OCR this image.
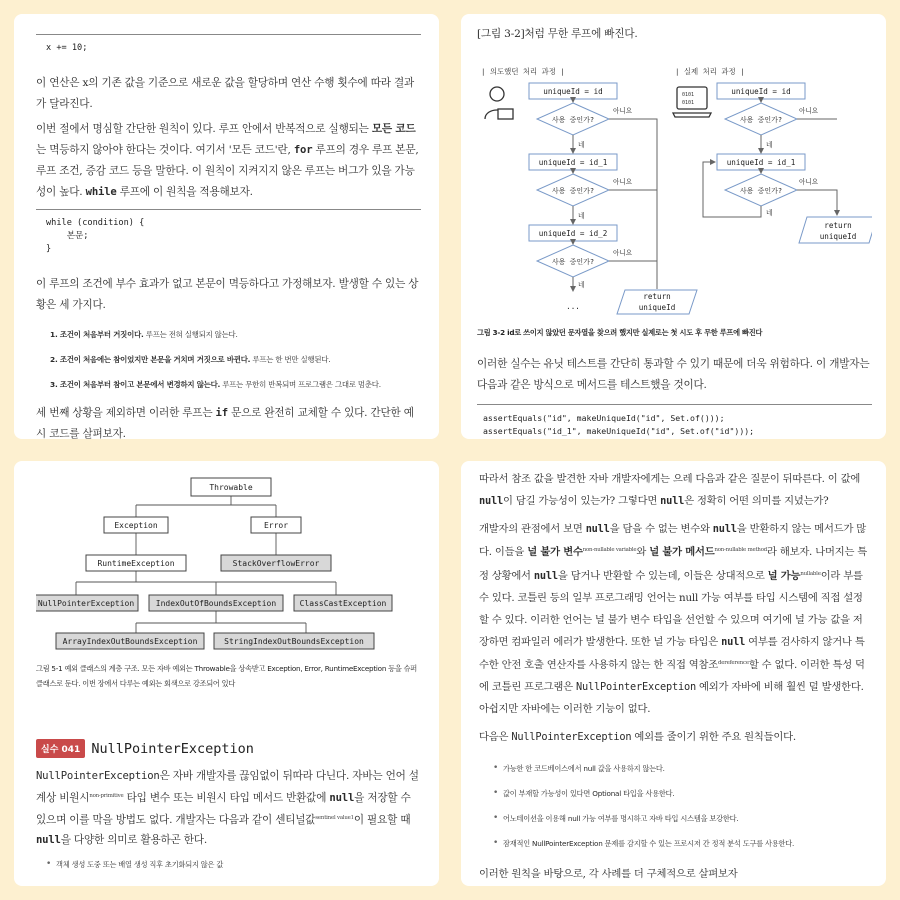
x += 10;

이 연산은 x의 기존 값을 기준으로 새로운 값을 할당하며 연산 수행 횟수에 따라 결과가 달라진다.

이번 절에서 명심할 간단한 원칙이 있다. 루프 안에서 반복적으로 실행되는 모든 코드는 멱등하지 않아야 한다는 것이다. 여기서 '모든 코드'란, for 루프의 경우 루프 본문, 루프 조건, 증감 코드 등을 말한다. 이 원칙이 지켜지지 않은 루프는 버그가 있을 가능성이 높다. while 루프에 이 원칙을 적용해보자.

while (condition) {
본문;
}

이 루프의 조건에 부수 효과가 없고 본문이 멱등하다고 가정해보자. 발생할 수 있는 상황은 세 가지다.

1. 조건이 처음부터 거짓이다. 루프는 전혀 실행되지 않는다.
2. 조건이 처음에는 참이었지만 본문을 거치며 거짓으로 바뀐다. 루프는 한 번만 실행된다.
3. 조건이 처음부터 참이고 본문에서 변경하지 않는다. 루프는 무한히 반복되며 프로그램은 그대로 멈춘다.

세 번째 상황을 제외하면 이러한 루프는 if 문으로 완전히 교체할 수 있다. 간단한 예시 코드를 살펴보자.

[그림 3-2]처럼 무한 루프에 빠진다.

| 의도했던 처리 과정 |	| 실제 처리 과정 |
0101
0101
uniqueId = id
uniqueId = id_1
uniqueId = id_2
사용 중인가?
사용 중인가?
사용 중인가?
return
uniqueId
...
네
네
네
아니요
아니요
아니요
uniqueId = id
uniqueId = id_1
사용 중인가?
사용 중인가?
return
uniqueId
네
네
아니요
아니요

그림 3-2 id로 쓰이지 않았던 문자열을 찾으려 했지만 실제로는 첫 시도 후 무한 루프에 빠진다

이러한 실수는 유닛 테스트를 간단히 통과할 수 있기 때문에 더욱 위험하다. 이 개발자는 다음과 같은 방식으로 메서드를 테스트했을 것이다.

assertEquals("id", makeUniqueId("id", Set.of()));
assertEquals("id_1", makeUniqueId("id", Set.of("id")));
Throwable
Exception	Error
RuntimeException	StackOverflowError
NullPointerException	IndexOutOfBoundsException	ClassCastException
ArrayIndexOutBoundsException	StringIndexOutBoundsException

그림 5-1 예외 클래스의 계층 구조. 모든 자바 예외는 Throwable을 상속받고 Exception, Error, RuntimeException 등을 슈퍼클래스로 둔다. 이번 장에서 다루는 예외는 회색으로 강조되어 있다

실수 041 NullPointerException

NullPointerException은 자바 개발자를 끊임없이 뒤따라 다닌다. 자바는 언어 설계상 비원시$^{non-primitive}$ 타입 변수 또는 비원시 타입 메서드 반환값에 null을 저장할 수 있으며 이를 막을 방법도 없다. 개발자는 다음과 같이 센티널값$^{sentinel value1}$이 필요할 때 null을 다양한 의미로 활용하곤 한다.

• 객체 생성 도중 또는 배열 생성 직후 초기화되지 않은 값

따라서 참조 값을 발견한 자바 개발자에게는 으레 다음과 같은 질문이 뒤따른다. 이 값에 null이 담길 가능성이 있는가? 그렇다면 null은 정확히 어떤 의미를 지녔는가?

개발자의 관점에서 보면 null을 담을 수 없는 변수와 null을 반환하지 않는 메서드가 많다. 이들을 널 불가 변수$^{non-nullable variable}$와 널 불가 메서드$^{non-nullable method}$라 해보자. 나머지는 특정 상황에서 null을 담거나 반환할 수 있는데, 이들은 상대적으로 널 가능$^{nullable}$이라 부를 수 있다. 코틀린 등의 일부 프로그래밍 언어는 null 가능 여부를 타입 시스템에 직접 설정할 수 있다. 이러한 언어는 널 불가 변수 타입을 선언할 수 있으며 여기에 널 가능 값을 저장하면 컴파일러 에러가 발생한다. 또한 널 가능 타입은 null 여부를 검사하지 않거나 특수한 안전 호출 연산자를 사용하지 않는 한 직접 역참조$^{dereference}$할 수 없다. 이러한 특성 덕에 코틀린 프로그램은 NullPointerException 예외가 자바에 비해 훨씬 덜 발생한다. 아쉽지만 자바에는 이러한 기능이 없다.

다음은 NullPointerException 예외를 줄이기 위한 주요 원칙들이다.

• 가능한 한 코드베이스에서 null 값을 사용하지 않는다.
• 값이 부재할 가능성이 있다면 Optional 타입을 사용한다.
• 어노테이션을 이용해 null 가능 여부를 명시하고 자바 타입 시스템을 보강한다.
• 잠재적인 NullPointerException 문제를 감지할 수 있는 프로시저 간 정적 분석 도구를 사용한다.

이러한 원칙을 바탕으로, 각 사례를 더 구체적으로 살펴보자
